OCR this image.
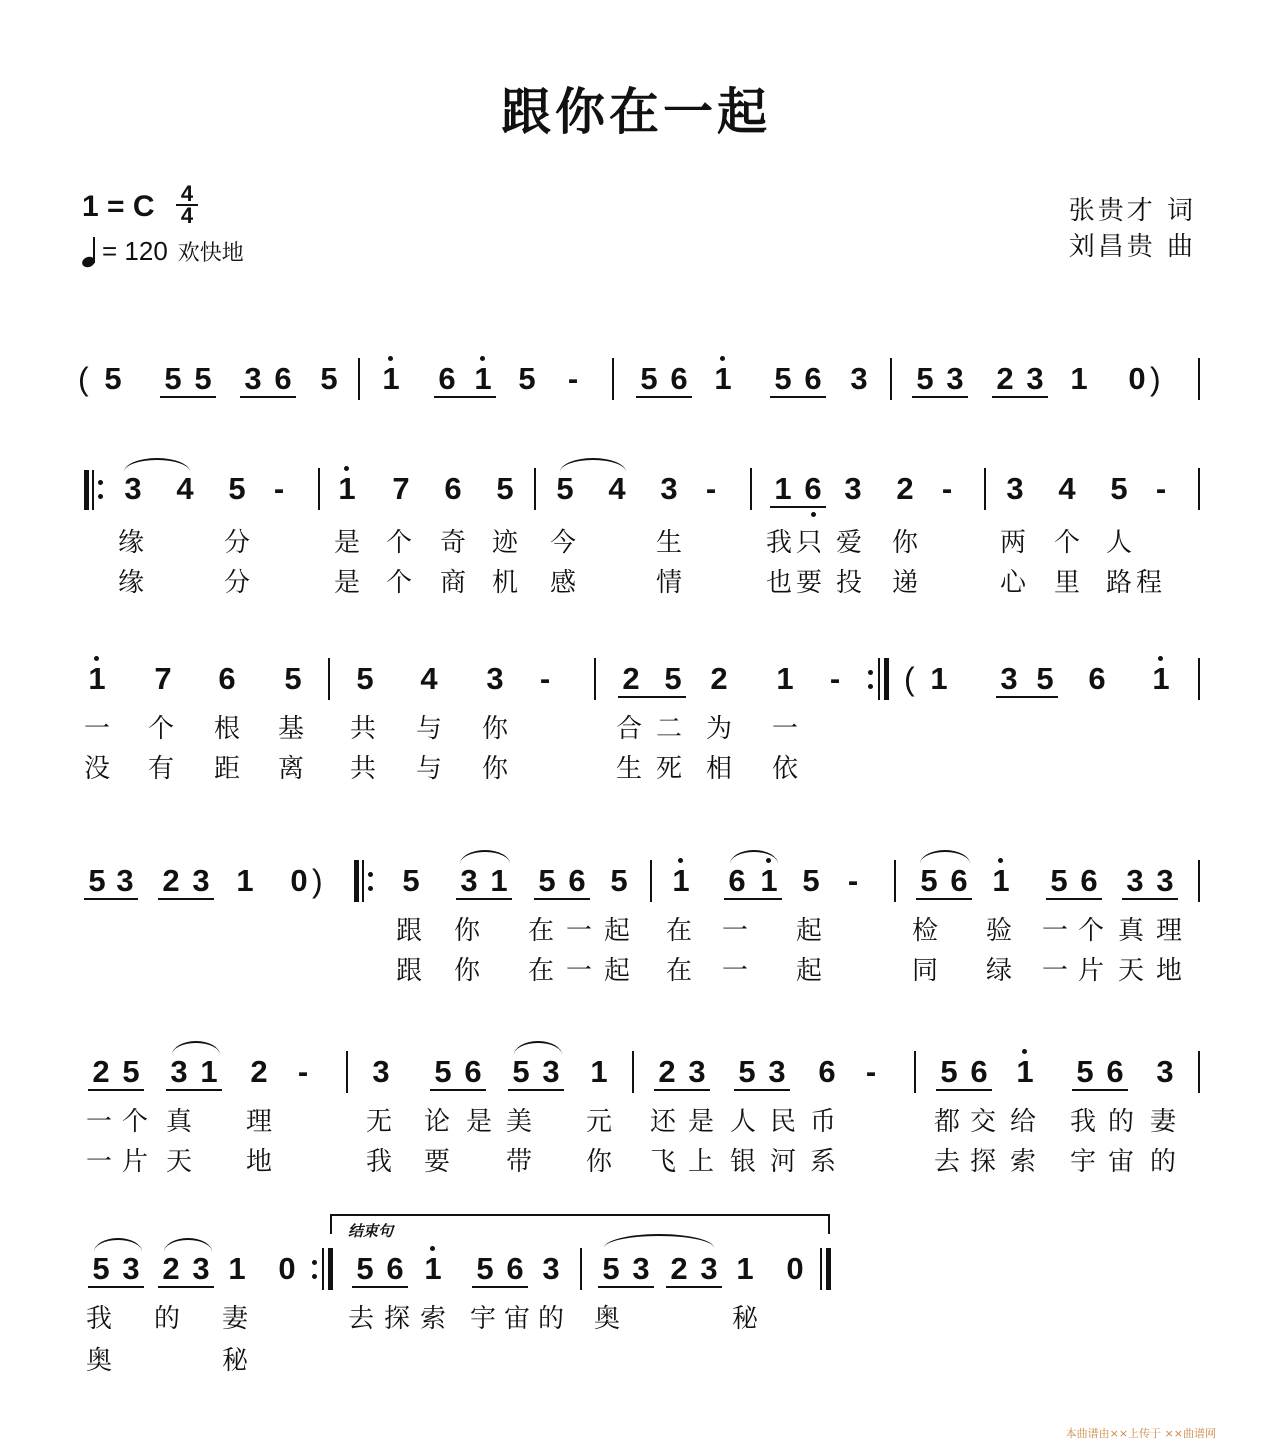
跟你在一起
1 = C	4
4
= 120 欢快地
张贵才 词
刘昌贵 曲
( 5 5 5 3 6 5 1 6 1 5 - 5 6 1 5 6 3 5 3 2 3 1 0 )
3 4 5 - 1 7 6 5 5 4 3 - 1 6 3 2 - 3 4 5 -
缘	分	是 个 奇 迹 今	生	我 只 爱 你	两 个 人
缘	分	是 个 商 机 感	情	也 要 投 递	心 里 路 程
1 7 6 5 5 4 3 - 2 5 2 1 - ( 1 3 5 6 1
一 个 根 基 共 与 你	合 二 为 一
没 有 距 离 共 与 你	生 死 相 依
5 3 2 3 1 0 )	5 3 1 5 6 5 1 6 1 5 - 5 6 1 5 6 3 3
跟 你 在 一 起 在 一 起	检 验 一 个 真 理
跟 你 在 一 起 在 一 起	同 绿 一 片 天 地
2 5 3 1 2 - 3 5 6 5 3 1 2 3 5 3 6 - 5 6 1 5 6 3
一 个 真 理	无 论 是 美 元 还 是 人 民 币	都 交 给 我 的 妻
一 片 天 地	我 要 带 你 飞 上 银 河 系	去 探 索 宇 宙 的
结束句
5 3 2 3 1 0 5 6 1 5 6 3 5 3 2 3 1 0
我 的 妻	去 探 索 宇 宙 的 奥	秘
奥	秘
本曲谱由××上传于 ××曲谱网
